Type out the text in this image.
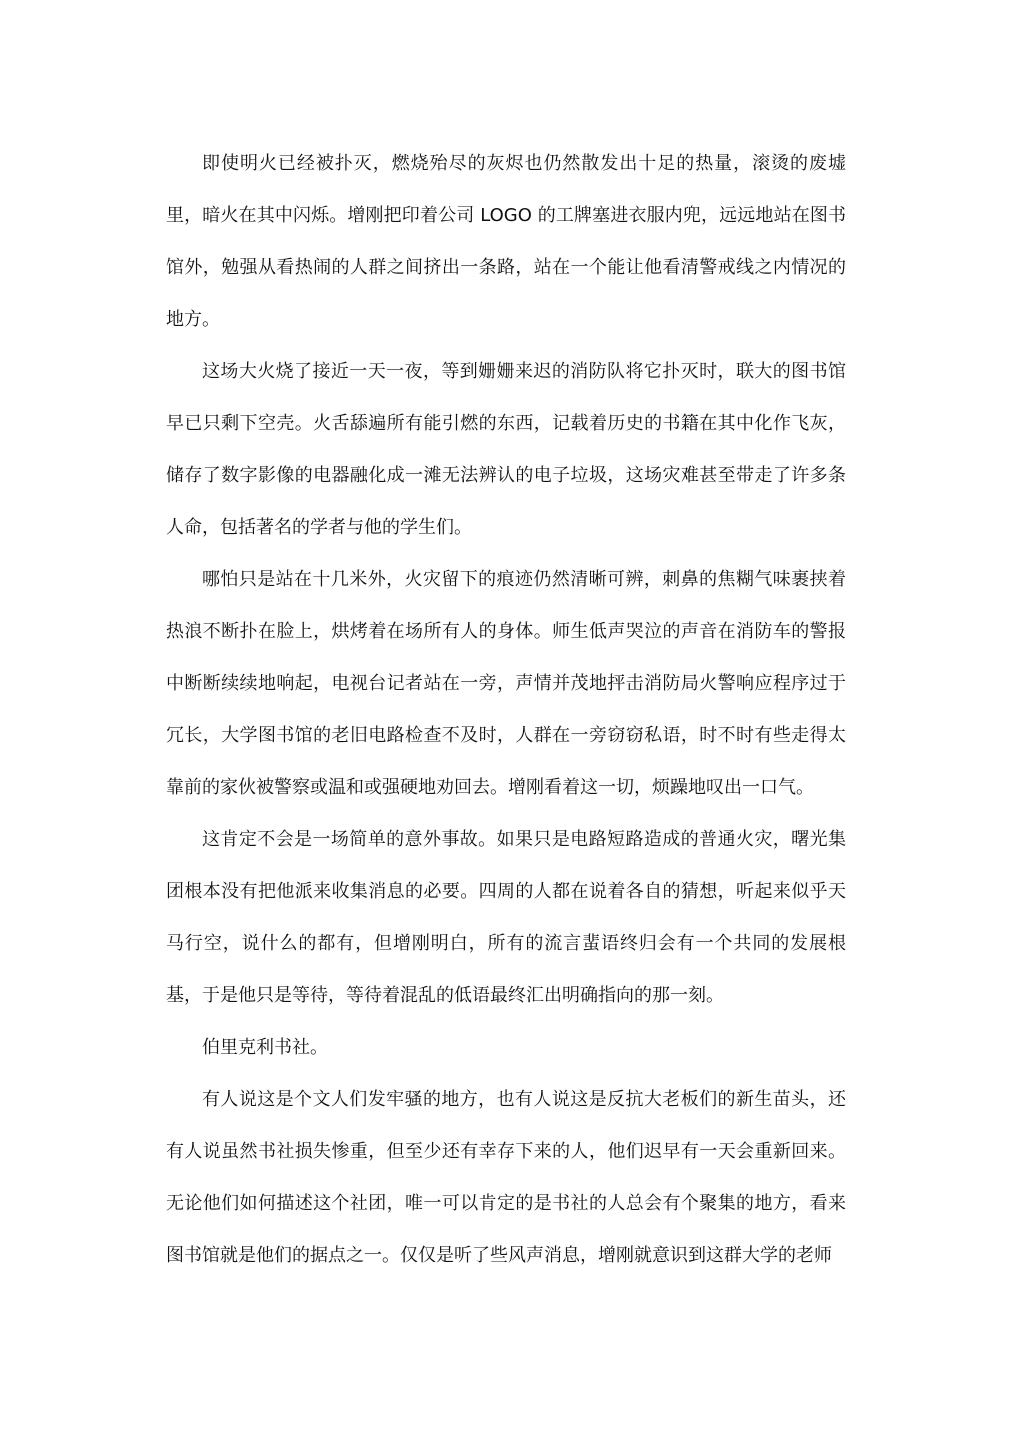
即使明火已经被扑灭，燃烧殆尽的灰烬也仍然散发出十足的热量，滚烫的废墟里，暗火在其中闪烁。增刚把印着公司 LOGO 的工牌塞进衣服内兜，远远地站在图书馆外，勉强从看热闹的人群之间挤出一条路，站在一个能让他看清警戒线之内情况的地方。

这场大火烧了接近一天一夜，等到姗姗来迟的消防队将它扑灭时，联大的图书馆早已只剩下空壳。火舌舔遍所有能引燃的东西，记载着历史的书籍在其中化作飞灰，储存了数字影像的电器融化成一滩无法辨认的电子垃圾，这场灾难甚至带走了许多条人命，包括著名的学者与他的学生们。

哪怕只是站在十几米外，火灾留下的痕迹仍然清晰可辨，刺鼻的焦糊气味裹挟着热浪不断扑在脸上，烘烤着在场所有人的身体。师生低声哭泣的声音在消防车的警报中断断续续地响起，电视台记者站在一旁，声情并茂地抨击消防局火警响应程序过于冗长，大学图书馆的老旧电路检查不及时，人群在一旁窃窃私语，时不时有些走得太靠前的家伙被警察或温和或强硬地劝回去。增刚看着这一切，烦躁地叹出一口气。

这肯定不会是一场简单的意外事故。如果只是电路短路造成的普通火灾，曙光集团根本没有把他派来收集消息的必要。四周的人都在说着各自的猜想，听起来似乎天马行空，说什么的都有，但增刚明白，所有的流言蜚语终归会有一个共同的发展根基，于是他只是等待，等待着混乱的低语最终汇出明确指向的那一刻。

伯里克利书社。

有人说这是个文人们发牢骚的地方，也有人说这是反抗大老板们的新生苗头，还有人说虽然书社损失惨重，但至少还有幸存下来的人，他们迟早有一天会重新回来。无论他们如何描述这个社团，唯一可以肯定的是书社的人总会有个聚集的地方，看来图书馆就是他们的据点之一。仅仅是听了些风声消息，增刚就意识到这群大学的老师
